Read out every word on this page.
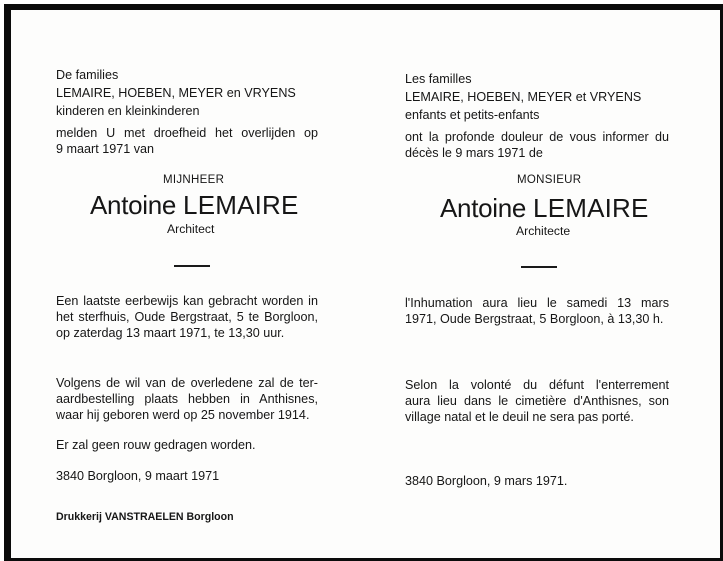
De families
LEMAIRE, HOEBEN, MEYER en VRYENS
kinderen en kleinkinderen
melden U met droefheid het overlijden op
9 maart 1971 van
MIJNHEER
Antoine LEMAIRE
Architect
Een laatste eerbewijs kan gebracht worden in
het sterfhuis, Oude Bergstraat, 5 te Borgloon,
op zaterdag 13 maart 1971, te 13,30 uur.
Volgens de wil van de overledene zal de ter-
aardbestelling plaats hebben in Anthisnes,
waar hij geboren werd op 25 november 1914.
Er zal geen rouw gedragen worden.
3840 Borgloon, 9 maart 1971
Drukkerij VANSTRAELEN Borgloon
Les familles
LEMAIRE, HOEBEN, MEYER et VRYENS
enfants et petits-enfants
ont la profonde douleur de vous informer du
décès le 9 mars 1971 de
MONSIEUR
Antoine LEMAIRE
Architecte
l'Inhumation aura lieu le samedi 13 mars
1971, Oude Bergstraat, 5 Borgloon, à 13,30 h.
Selon la volonté du défunt l'enterrement
aura lieu dans le cimetière d'Anthisnes, son
village natal et le deuil ne sera pas porté.
3840 Borgloon, 9 mars 1971.
